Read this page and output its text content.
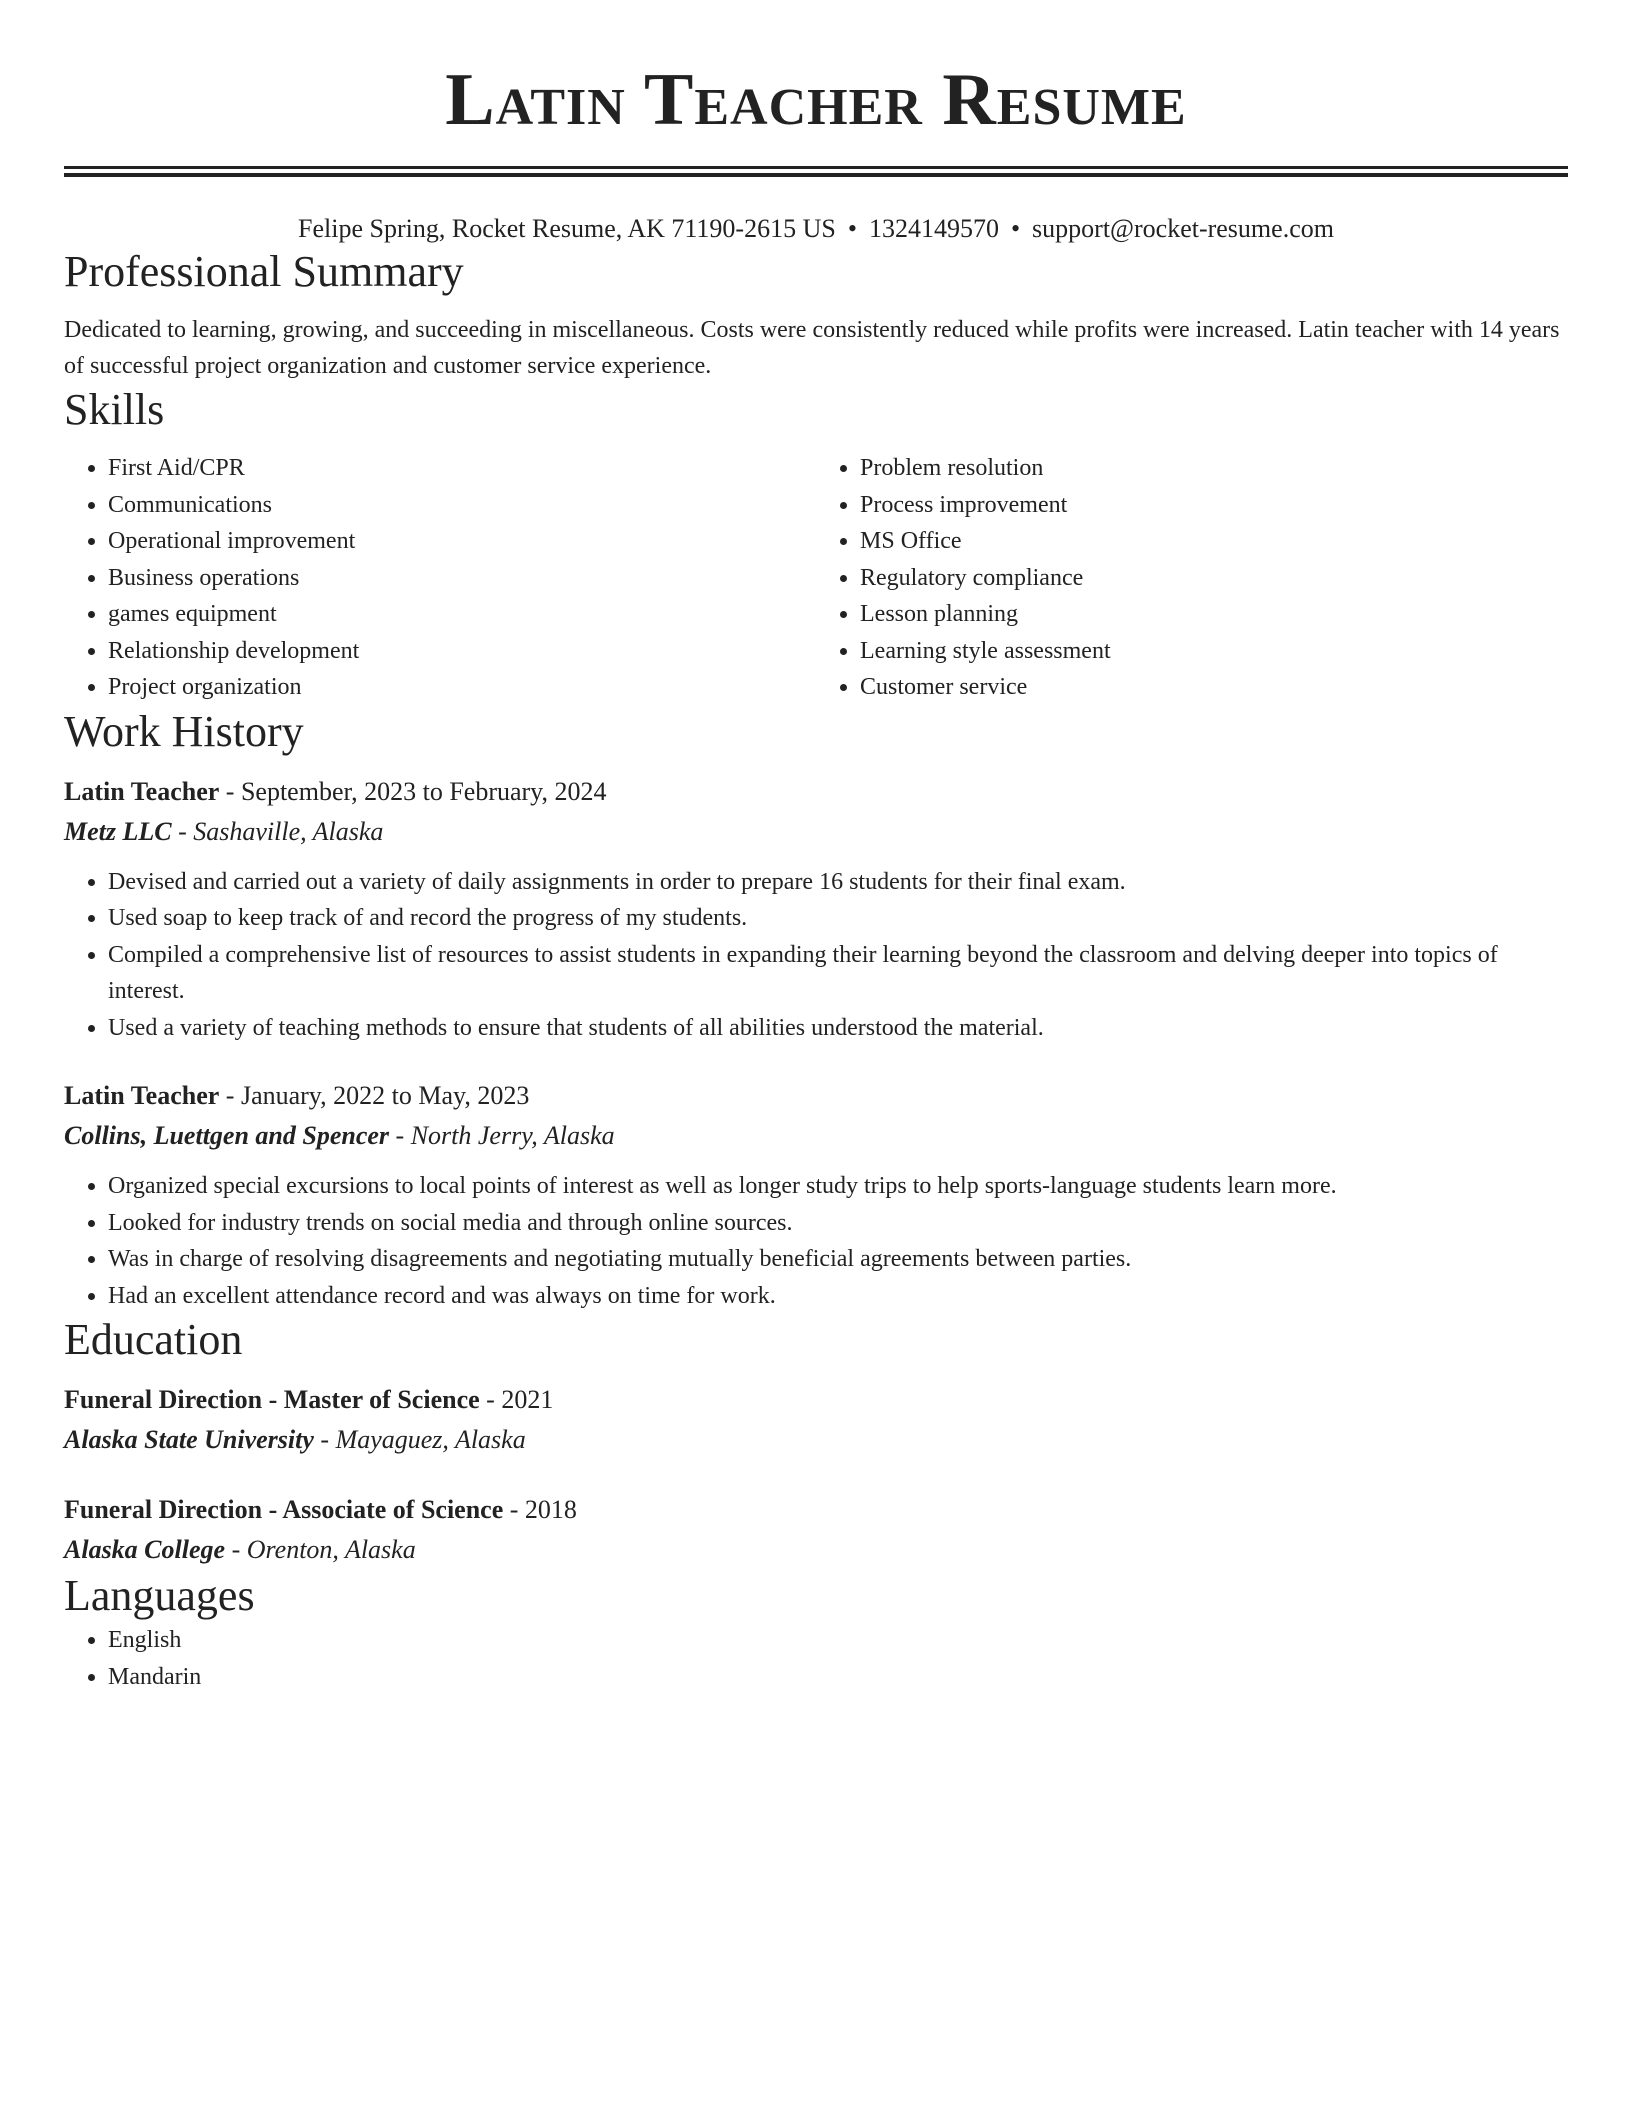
Latin Teacher Resume
Felipe Spring, Rocket Resume, AK 71190-2615 US • 1324149570 • support@rocket-resume.com
Professional Summary

Dedicated to learning, growing, and succeeding in miscellaneous. Costs were consistently reduced while profits were increased. Latin teacher with 14 years of successful project organization and customer service experience.

Skills
• First Aid/CPR
• Communications
• Operational improvement
• Business operations
• games equipment
• Relationship development
• Project organization
• Problem resolution
• Process improvement
• MS Office
• Regulatory compliance
• Lesson planning
• Learning style assessment
• Customer service
Work History
Latin Teacher - September, 2023 to February, 2024
Metz LLC - Sashaville, Alaska
• Devised and carried out a variety of daily assignments in order to prepare 16 students for their final exam.
• Used soap to keep track of and record the progress of my students.
• Compiled a comprehensive list of resources to assist students in expanding their learning beyond the classroom and delving deeper into topics of interest.
• Used a variety of teaching methods to ensure that students of all abilities understood the material.
Latin Teacher - January, 2022 to May, 2023
Collins, Luettgen and Spencer - North Jerry, Alaska
• Organized special excursions to local points of interest as well as longer study trips to help sports-language students learn more.
• Looked for industry trends on social media and through online sources.
• Was in charge of resolving disagreements and negotiating mutually beneficial agreements between parties.
• Had an excellent attendance record and was always on time for work.
Education
Funeral Direction - Master of Science - 2021
Alaska State University - Mayaguez, Alaska
Funeral Direction - Associate of Science - 2018
Alaska College - Orenton, Alaska
Languages
• English
• Mandarin
